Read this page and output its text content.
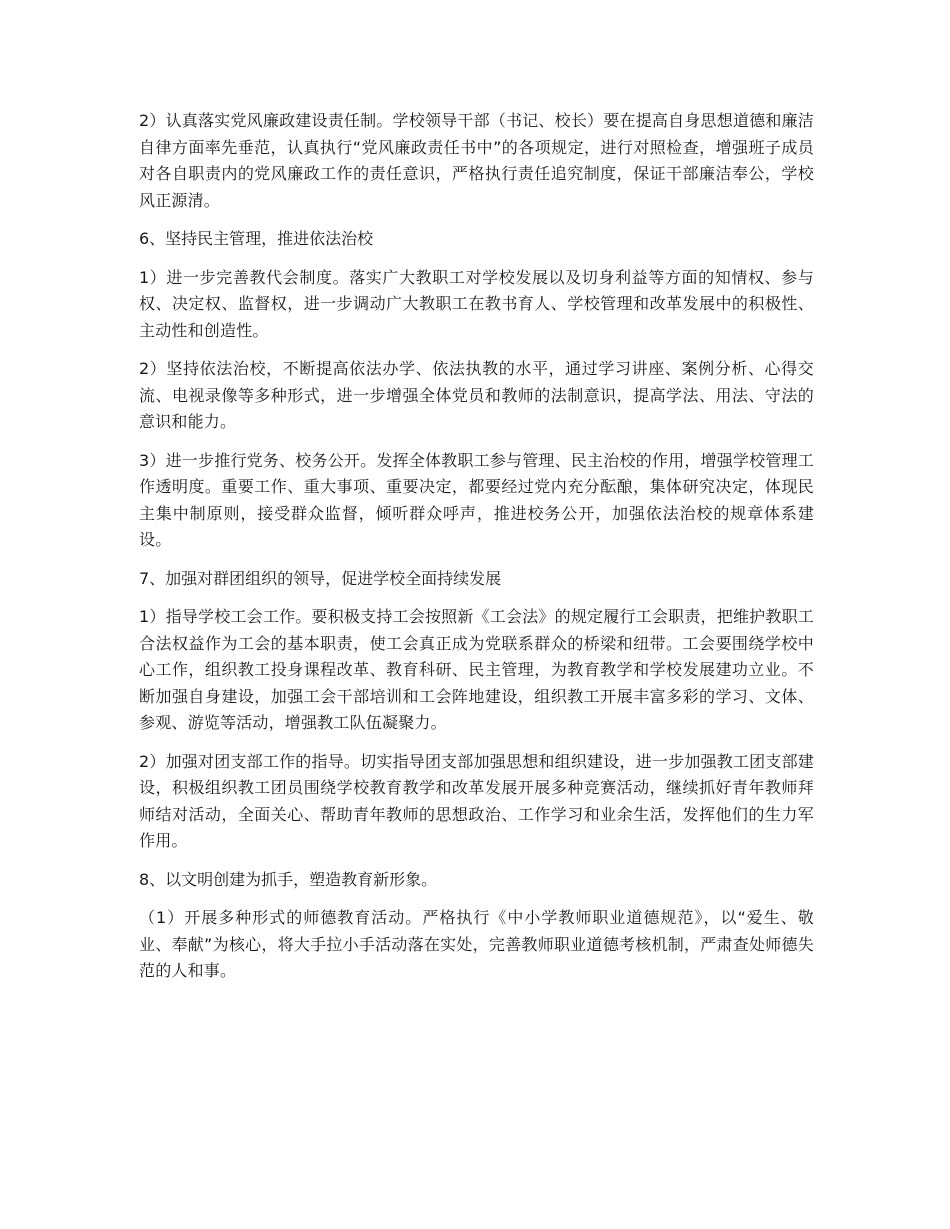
2）认真落实党风廉政建设责任制。学校领导干部（书记、校长）要在提高自身思想道德和廉洁自律方面率先垂范，认真执行“党风廉政责任书中”的各项规定，进行对照检查，增强班子成员对各自职责内的党风廉政工作的责任意识，严格执行责任追究制度，保证干部廉洁奉公，学校风正源清。

6、坚持民主管理，推进依法治校

1）进一步完善教代会制度。落实广大教职工对学校发展以及切身利益等方面的知情权、参与权、决定权、监督权，进一步调动广大教职工在教书育人、学校管理和改革发展中的积极性、主动性和创造性。

2）坚持依法治校，不断提高依法办学、依法执教的水平，通过学习讲座、案例分析、心得交流、电视录像等多种形式，进一步增强全体党员和教师的法制意识，提高学法、用法、守法的意识和能力。

3）进一步推行党务、校务公开。发挥全体教职工参与管理、民主治校的作用，增强学校管理工作透明度。重要工作、重大事项、重要决定，都要经过党内充分酝酿，集体研究决定，体现民主集中制原则，接受群众监督，倾听群众呼声，推进校务公开，加强依法治校的规章体系建设。

7、加强对群团组织的领导，促进学校全面持续发展

1）指导学校工会工作。要积极支持工会按照新《工会法》的规定履行工会职责，把维护教职工合法权益作为工会的基本职责，使工会真正成为党联系群众的桥梁和纽带。工会要围绕学校中心工作，组织教工投身课程改革、教育科研、民主管理，为教育教学和学校发展建功立业。不断加强自身建设，加强工会干部培训和工会阵地建设，组织教工开展丰富多彩的学习、文体、参观、游览等活动，增强教工队伍凝聚力。

2）加强对团支部工作的指导。切实指导团支部加强思想和组织建设，进一步加强教工团支部建设，积极组织教工团员围绕学校教育教学和改革发展开展多种竞赛活动，继续抓好青年教师拜师结对活动，全面关心、帮助青年教师的思想政治、工作学习和业余生活，发挥他们的生力军作用。

8、以文明创建为抓手，塑造教育新形象。

（1）开展多种形式的师德教育活动。严格执行《中小学教师职业道德规范》，以“爱生、敬业、奉献”为核心，将大手拉小手活动落在实处，完善教师职业道德考核机制，严肃查处师德失范的人和事。
